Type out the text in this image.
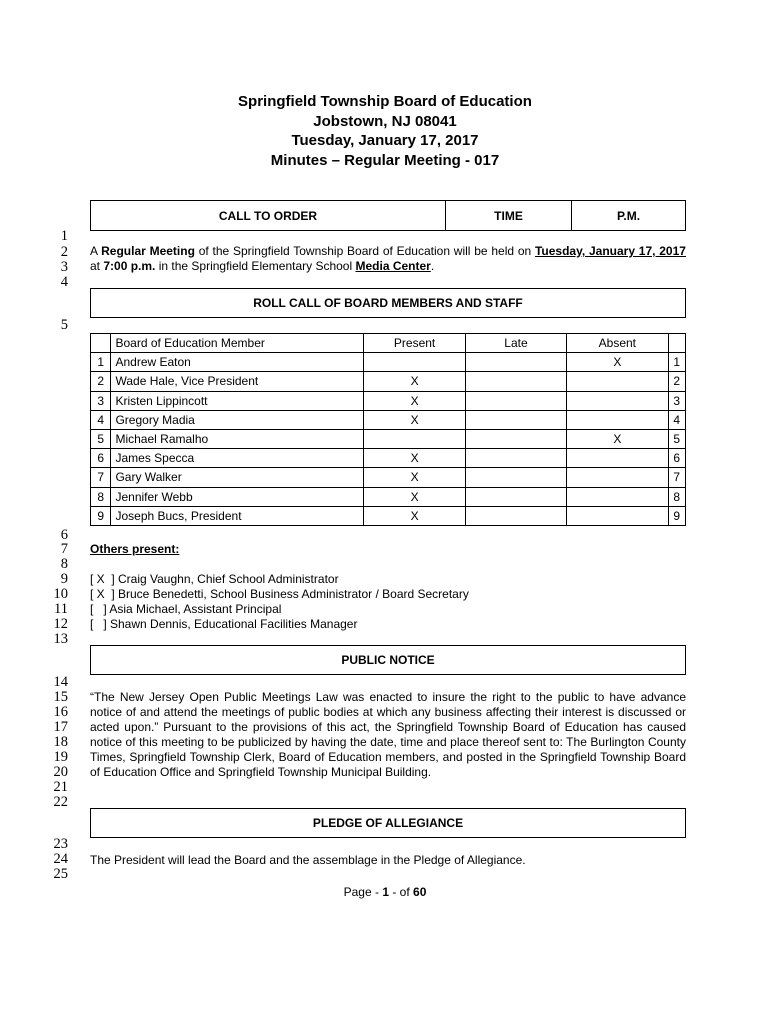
Springfield Township Board of Education
Jobstown, NJ 08041
Tuesday, January 17, 2017
Minutes – Regular Meeting - 017
1
2
3
4
5
6
7
8
9
10
11
12
13
14
15
16
17
18
19
20
21
22
23
24
25
CALL TO ORDER	TIME	P.M.
A Regular Meeting of the Springfield Township Board of Education will be held on Tuesday, January 17, 2017 at 7:00 p.m. in the Springfield Elementary School Media Center.
ROLL CALL OF BOARD MEMBERS AND STAFF
	Board of Education Member	Present	Late	Absent	
1	Andrew Eaton			X	1
2	Wade Hale, Vice President	X			2
3	Kristen Lippincott	X			3
4	Gregory Madia	X			4
5	Michael Ramalho			X	5
6	James Specca	X			6
7	Gary Walker	X			7
8	Jennifer Webb	X			8
9	Joseph Bucs, President	X			9
Others present:
[ X  ] Craig Vaughn, Chief School Administrator
[ X  ] Bruce Benedetti, School Business Administrator / Board Secretary
[   ] Asia Michael, Assistant Principal
[   ] Shawn Dennis, Educational Facilities Manager
PUBLIC NOTICE
“The New Jersey Open Public Meetings Law was enacted to insure the right to the public to have advance notice of and attend the meetings of public bodies at which any business affecting their interest is discussed or acted upon.” Pursuant to the provisions of this act, the Springfield Township Board of Education has caused notice of this meeting to be publicized by having the date, time and place thereof sent to: The Burlington County Times, Springfield Township Clerk, Board of Education members, and posted in the Springfield Township Board of Education Office and Springfield Township Municipal Building.
PLEDGE OF ALLEGIANCE
The President will lead the Board and the assemblage in the Pledge of Allegiance.
Page - 1 - of 60
